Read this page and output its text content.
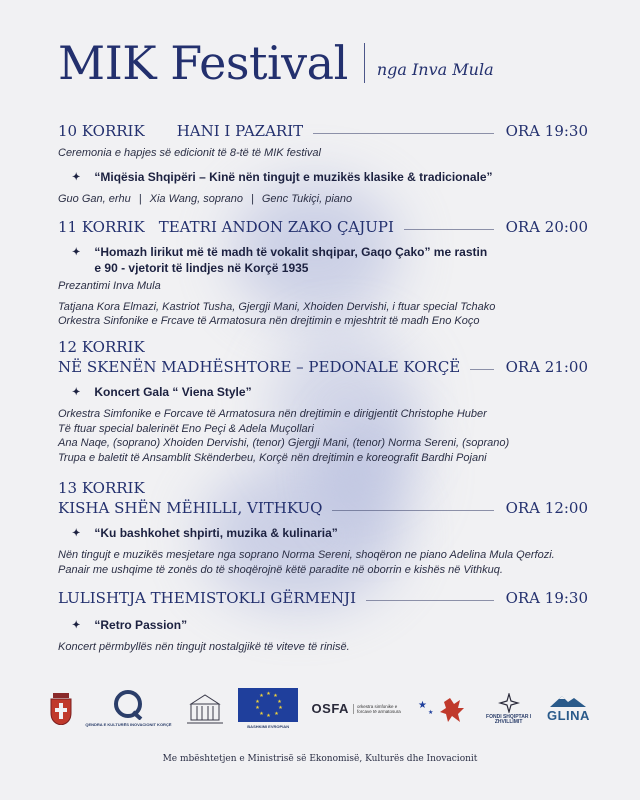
MIK Festival nga Inva Mula
10 KORRIK HANI I PAZARIT	ORA 19:30
Ceremonia e hapjes së edicionit të 8-të të MIK festival
✦ “Miqësia Shqipëri – Kinë nën tingujt e muzikës klasike & tradicionale”
Guo Gan, erhu | Xia Wang, soprano | Genc Tukiçi, piano
11 KORRIK TEATRI ANDON ZAKO ÇAJUPI	ORA 20:00
✦ “Homazh lirikut më të madh të vokalit shqipar, Gaqo Çako” me rastin
e 90 - vjetorit të lindjes në Korçë 1935
Prezantimi Inva Mula
Tatjana Kora Elmazi, Kastriot Tusha, Gjergji Mani, Xhoiden Dervishi, i ftuar special Tchako
Orkestra Sinfonike e Frcave të Armatosura nën drejtimin e mjeshtrit të madh Eno Koço
12 KORRIK
NË SKENËN MADHËSHTORE – PEDONALE KORÇË	ORA 21:00
✦ Koncert Gala “ Viena Style”
Orkestra Simfonike e Forcave të Armatosura nën drejtimin e dirigjentit Christophe Huber
Të ftuar special balerinët Eno Peçi & Adela Muçollari
Ana Naqe, (soprano) Xhoiden Dervishi, (tenor) Gjergji Mani, (tenor) Norma Sereni, (soprano)
Trupa e baletit të Ansamblit Skënderbeu, Korçë nën drejtimin e koreografit Bardhi Pojani
13 KORRIK
KISHA SHËN MËHILLI, VITHKUQ	ORA 12:00
✦ “Ku bashkohet shpirti, muzika & kulinaria”
Nën tingujt e muzikës mesjetare nga soprano Norma Sereni, shoqëron ne piano Adelina Mula Qerfozi.
Panair me ushqime të zonës do të shoqërojnë këtë paradite në oborrin e kishës në Vithkuq.
LULISHTJA THEMISTOKLI GËRMENJI	ORA 19:30
✦ “Retro Passion”
Koncert përmbyllës nën tingujt nostalgjikë të viteve të rinisë.
QENDRA E KULTURËS INOVACIONIT KORÇË
★ ★
★
★
★
★
★
★
★
★
BASHKIMI EVROPIAN
OSFA	orkestra simfonike e forcave të armatosura
★
★
FONDI SHQIPTAR I ZHVILLIMIT	GLINA
Me mbështetjen e Ministrisë së Ekonomisë, Kulturës dhe Inovacionit
